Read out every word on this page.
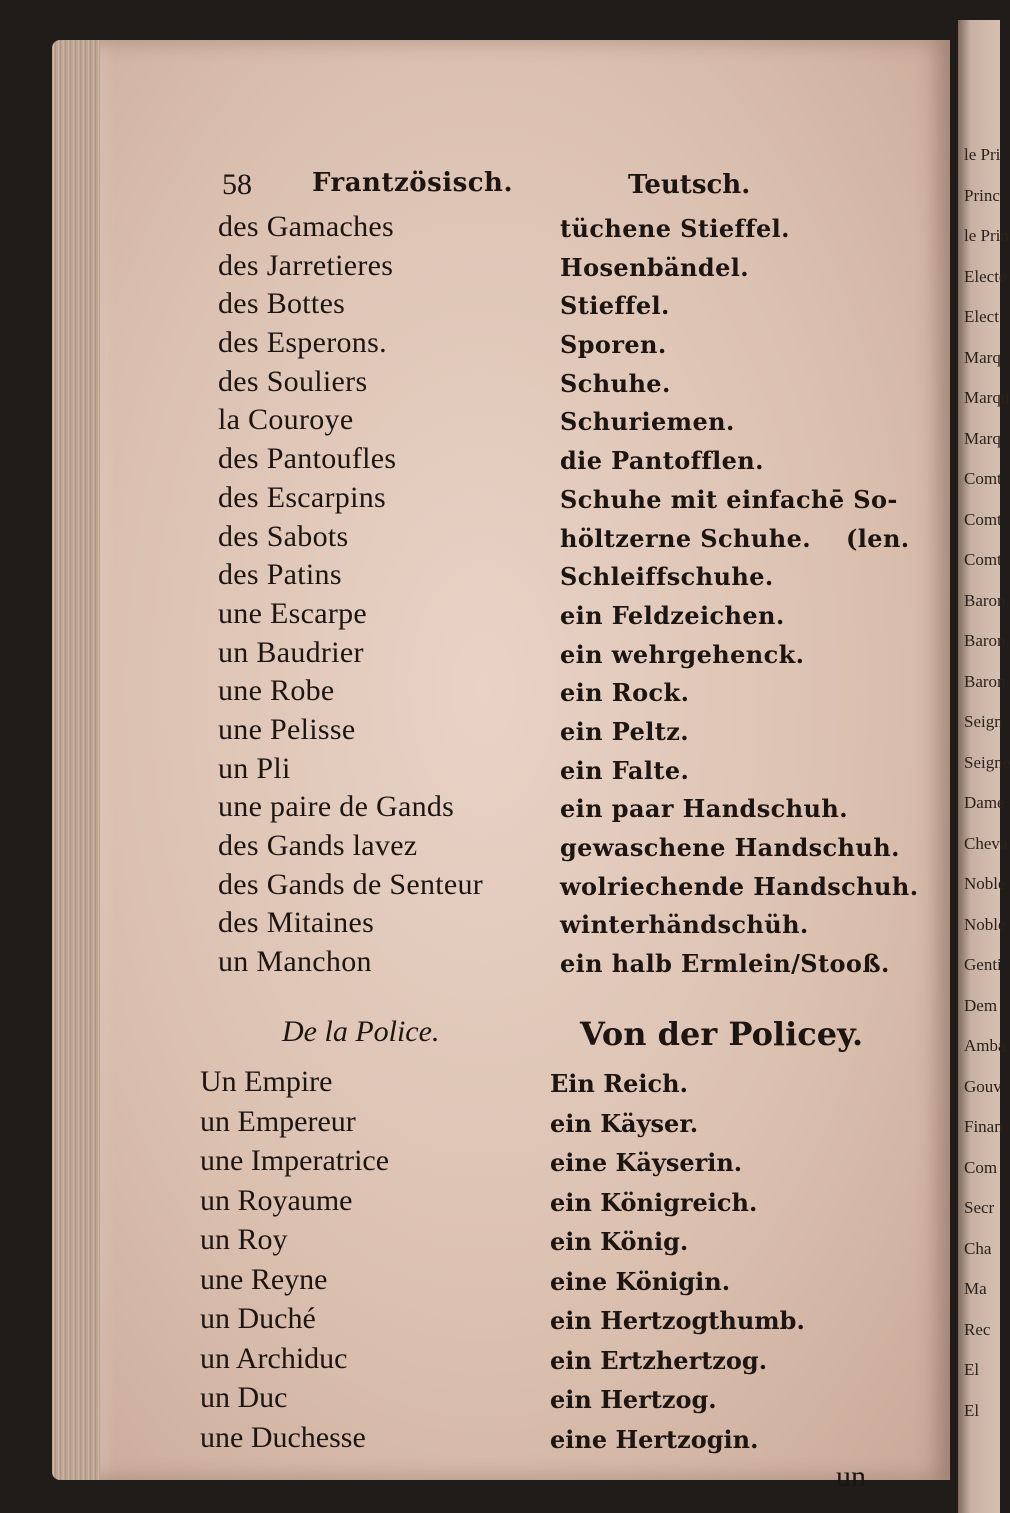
58 Frantzösisch.	Teutsch.
des Gamaches
des Jarretieres
des Bottes
des Esperons.
des Souliers
la Couroye
des Pantoufles
des Escarpins
des Sabots
des Patins
une Escarpe
un Baudrier
une Robe
une Pelisse
un Pli
une paire de Gands
des Gands lavez
des Gands de Senteur
des Mitaines
un Manchon
tüchene Stieffel.
Hosenbändel.
Stieffel.
Sporen.
Schuhe.
Schuriemen.
die Pantofflen.
Schuhe mit einfachē So-
höltzerne Schuhe.    (len.
Schleiffschuhe.
ein Feldzeichen.
ein wehrgehenck.
ein Rock.
ein Peltz.
ein Falte.
ein paar Handschuh.
gewaschene Handschuh.
wolriechende Handschuh.
winterhändschüh.
ein halb Ermlein/Stooß.
De la Police.	Von der Policey.
Un Empire
un Empereur
une Imperatrice
un Royaume
un Roy
une Reyne
un Duché
un Archiduc
un Duc
une Duchesse
Ein Reich.
ein Käyser.
eine Käyserin.
ein Königreich.
ein König.
eine Königin.
ein Hertzogthumb.
ein Ertzhertzog.
ein Hertzog.
eine Hertzogin.
un
le Pri
Princ
le Prin
Electe
Elect
Marq
Marqu
Marq
Comt
Comt
Comt
Baron
Baron
Baron
Seign
Seigne
Dame
Cheva
Noble
Noble
Genti
Dem
Amba
Gouv
Finan
Com
Secr
Cha
Ma
Rec
El
El
